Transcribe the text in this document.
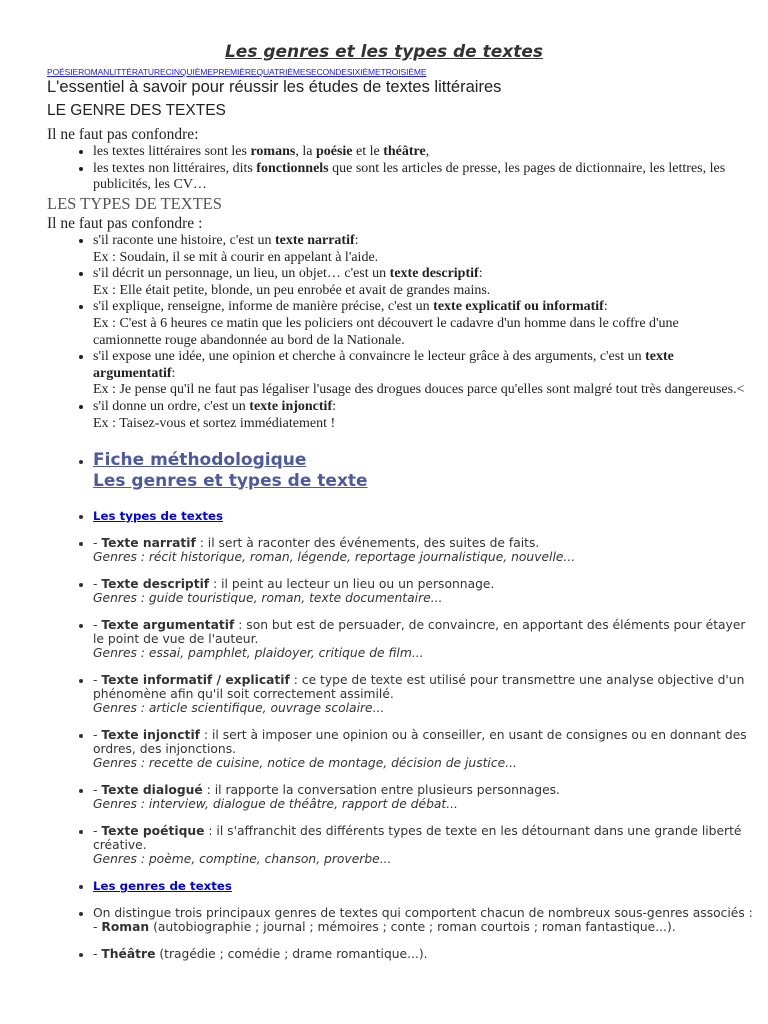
Les genres et les types de textes
POÉSIEROMANLITTÉRATURECINQUIÈMEPREMIÈREQUATRIÈMESECONDESIXIÈMETROISIÈME
L'essentiel à savoir pour réussir les études de textes littéraires
LE GENRE DES TEXTES

Il ne faut pas confondre:

• les textes littéraires sont les romans, la poésie et le théâtre,
• les textes non littéraires, dits fonctionnels que sont les articles de presse, les pages de dictionnaire, les lettres, les publicités, les CV…
LES TYPES DE TEXTES

Il ne faut pas confondre :

• s'il raconte une histoire, c'est un texte narratif:
Ex : Soudain, il se mit à courir en appelant à l'aide.
• s'il décrit un personnage, un lieu, un objet… c'est un texte descriptif:
Ex : Elle était petite, blonde, un peu enrobée et avait de grandes mains.
• s'il explique, renseigne, informe de manière précise, c'est un texte explicatif ou informatif:
Ex : C'est à 6 heures ce matin que les policiers ont découvert le cadavre d'un homme dans le coffre d'une camionnette rouge abandonnée au bord de la Nationale.
• s'il expose une idée, une opinion et cherche à convaincre le lecteur grâce à des arguments, c'est un texte argumentatif:
Ex : Je pense qu'il ne faut pas légaliser l'usage des drogues douces parce qu'elles sont malgré tout très dangereuses.<
• s'il donne un ordre, c'est un texte injonctif:
Ex : Taisez-vous et sortez immédiatement !
• Fiche méthodologique
Les genres et types de texte
• Les types de textes
• - Texte narratif : il sert à raconter des événements, des suites de faits.
Genres : récit historique, roman, légende, reportage journalistique, nouvelle...
• - Texte descriptif : il peint au lecteur un lieu ou un personnage.
Genres : guide touristique, roman, texte documentaire...
• - Texte argumentatif : son but est de persuader, de convaincre, en apportant des éléments pour étayer le point de vue de l'auteur.
Genres : essai, pamphlet, plaidoyer, critique de film...
• - Texte informatif / explicatif : ce type de texte est utilisé pour transmettre une analyse objective d'un phénomène afin qu'il soit correctement assimilé.
Genres : article scientifique, ouvrage scolaire...
• - Texte injonctif : il sert à imposer une opinion ou à conseiller, en usant de consignes ou en donnant des ordres, des injonctions.
Genres : recette de cuisine, notice de montage, décision de justice...
• - Texte dialogué : il rapporte la conversation entre plusieurs personnages.
Genres : interview, dialogue de théâtre, rapport de débat...
• - Texte poétique : il s'affranchit des différents types de texte en les détournant dans une grande liberté créative.
Genres : poème, comptine, chanson, proverbe...
• Les genres de textes
• On distingue trois principaux genres de textes qui comportent chacun de nombreux sous-genres associés :
- Roman (autobiographie ; journal ; mémoires ; conte ; roman courtois ; roman fantastique...).
• - Théâtre (tragédie ; comédie ; drame romantique...).
